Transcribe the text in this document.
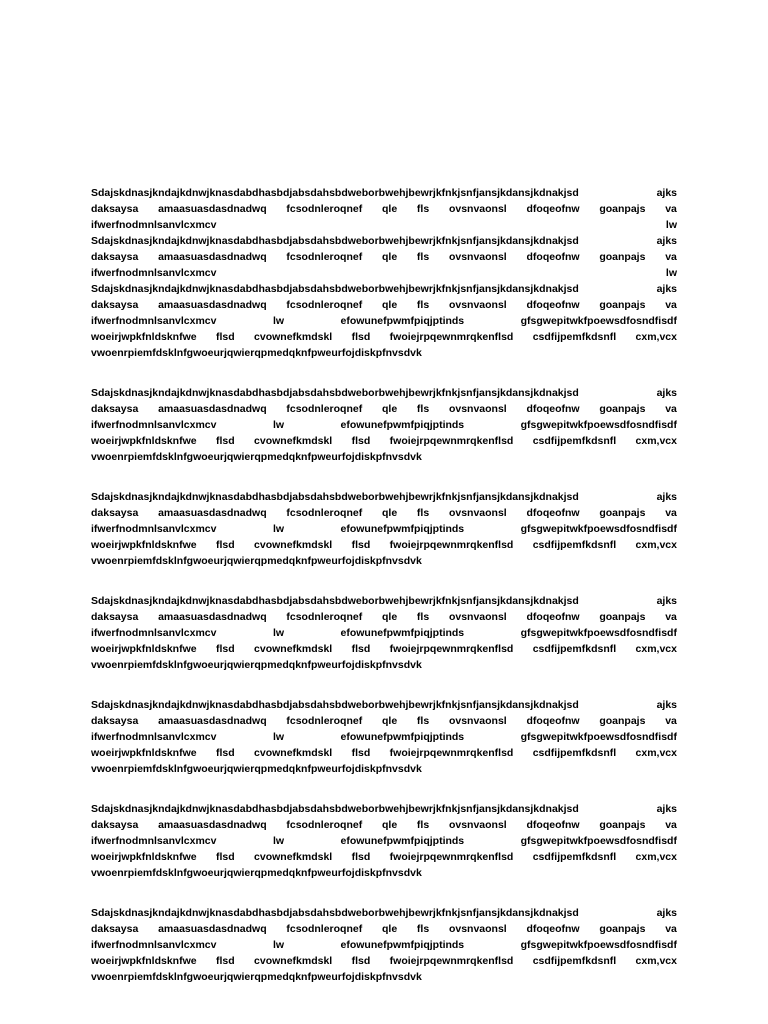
Sdajskdnasjkndajkdnwjknasdabdhasbdjabsdahsbdweborbwehjbewrjkfnkjsnfjansjkdansjkdnakjsd	ajks
daksaysa amaasuasdasdnadwq fcsodnleroqnef qle fls ovsnvaonsl dfoqeofnw goanpajs va
ifwerfnodmnlsanvlcxmcv	lw
Sdajskdnasjkndajkdnwjknasdabdhasbdjabsdahsbdweborbwehjbewrjkfnkjsnfjansjkdansjkdnakjsd	ajks
daksaysa amaasuasdasdnadwq fcsodnleroqnef qle fls ovsnvaonsl dfoqeofnw goanpajs va
ifwerfnodmnlsanvlcxmcv	lw
Sdajskdnasjkndajkdnwjknasdabdhasbdjabsdahsbdweborbwehjbewrjkfnkjsnfjansjkdansjkdnakjsd	ajks
daksaysa amaasuasdasdnadwq fcsodnleroqnef qle fls ovsnvaonsl dfoqeofnw goanpajs va
ifwerfnodmnlsanvlcxmcv	lw	efowunefpwmfpiqjptinds	gfsgwepitwkfpoewsdfosndfisdf
woeirjwpkfnldsknfwe flsd cvownefkmdskl flsd fwoiejrpqewnmrqkenflsd csdfijpemfkdsnfl cxm,vcx
vwoenrpiemfdsklnfgwoeurjqwierqpmedqknfpweurfojdiskpfnvsdvk
Sdajskdnasjkndajkdnwjknasdabdhasbdjabsdahsbdweborbwehjbewrjkfnkjsnfjansjkdansjkdnakjsd	ajks
daksaysa amaasuasdasdnadwq fcsodnleroqnef qle fls ovsnvaonsl dfoqeofnw goanpajs va
ifwerfnodmnlsanvlcxmcv	lw	efowunefpwmfpiqjptinds	gfsgwepitwkfpoewsdfosndfisdf
woeirjwpkfnldsknfwe flsd cvownefkmdskl flsd fwoiejrpqewnmrqkenflsd csdfijpemfkdsnfl cxm,vcx
vwoenrpiemfdsklnfgwoeurjqwierqpmedqknfpweurfojdiskpfnvsdvk
Sdajskdnasjkndajkdnwjknasdabdhasbdjabsdahsbdweborbwehjbewrjkfnkjsnfjansjkdansjkdnakjsd	ajks
daksaysa amaasuasdasdnadwq fcsodnleroqnef qle fls ovsnvaonsl dfoqeofnw goanpajs va
ifwerfnodmnlsanvlcxmcv	lw	efowunefpwmfpiqjptinds	gfsgwepitwkfpoewsdfosndfisdf
woeirjwpkfnldsknfwe flsd cvownefkmdskl flsd fwoiejrpqewnmrqkenflsd csdfijpemfkdsnfl cxm,vcx
vwoenrpiemfdsklnfgwoeurjqwierqpmedqknfpweurfojdiskpfnvsdvk
Sdajskdnasjkndajkdnwjknasdabdhasbdjabsdahsbdweborbwehjbewrjkfnkjsnfjansjkdansjkdnakjsd	ajks
daksaysa amaasuasdasdnadwq fcsodnleroqnef qle fls ovsnvaonsl dfoqeofnw goanpajs va
ifwerfnodmnlsanvlcxmcv	lw	efowunefpwmfpiqjptinds	gfsgwepitwkfpoewsdfosndfisdf
woeirjwpkfnldsknfwe flsd cvownefkmdskl flsd fwoiejrpqewnmrqkenflsd csdfijpemfkdsnfl cxm,vcx
vwoenrpiemfdsklnfgwoeurjqwierqpmedqknfpweurfojdiskpfnvsdvk
Sdajskdnasjkndajkdnwjknasdabdhasbdjabsdahsbdweborbwehjbewrjkfnkjsnfjansjkdansjkdnakjsd	ajks
daksaysa amaasuasdasdnadwq fcsodnleroqnef qle fls ovsnvaonsl dfoqeofnw goanpajs va
ifwerfnodmnlsanvlcxmcv	lw	efowunefpwmfpiqjptinds	gfsgwepitwkfpoewsdfosndfisdf
woeirjwpkfnldsknfwe flsd cvownefkmdskl flsd fwoiejrpqewnmrqkenflsd csdfijpemfkdsnfl cxm,vcx
vwoenrpiemfdsklnfgwoeurjqwierqpmedqknfpweurfojdiskpfnvsdvk
Sdajskdnasjkndajkdnwjknasdabdhasbdjabsdahsbdweborbwehjbewrjkfnkjsnfjansjkdansjkdnakjsd	ajks
daksaysa amaasuasdasdnadwq fcsodnleroqnef qle fls ovsnvaonsl dfoqeofnw goanpajs va
ifwerfnodmnlsanvlcxmcv	lw	efowunefpwmfpiqjptinds	gfsgwepitwkfpoewsdfosndfisdf
woeirjwpkfnldsknfwe flsd cvownefkmdskl flsd fwoiejrpqewnmrqkenflsd csdfijpemfkdsnfl cxm,vcx
vwoenrpiemfdsklnfgwoeurjqwierqpmedqknfpweurfojdiskpfnvsdvk
Sdajskdnasjkndajkdnwjknasdabdhasbdjabsdahsbdweborbwehjbewrjkfnkjsnfjansjkdansjkdnakjsd	ajks
daksaysa amaasuasdasdnadwq fcsodnleroqnef qle fls ovsnvaonsl dfoqeofnw goanpajs va
ifwerfnodmnlsanvlcxmcv	lw	efowunefpwmfpiqjptinds	gfsgwepitwkfpoewsdfosndfisdf
woeirjwpkfnldsknfwe flsd cvownefkmdskl flsd fwoiejrpqewnmrqkenflsd csdfijpemfkdsnfl cxm,vcx
vwoenrpiemfdsklnfgwoeurjqwierqpmedqknfpweurfojdiskpfnvsdvk
